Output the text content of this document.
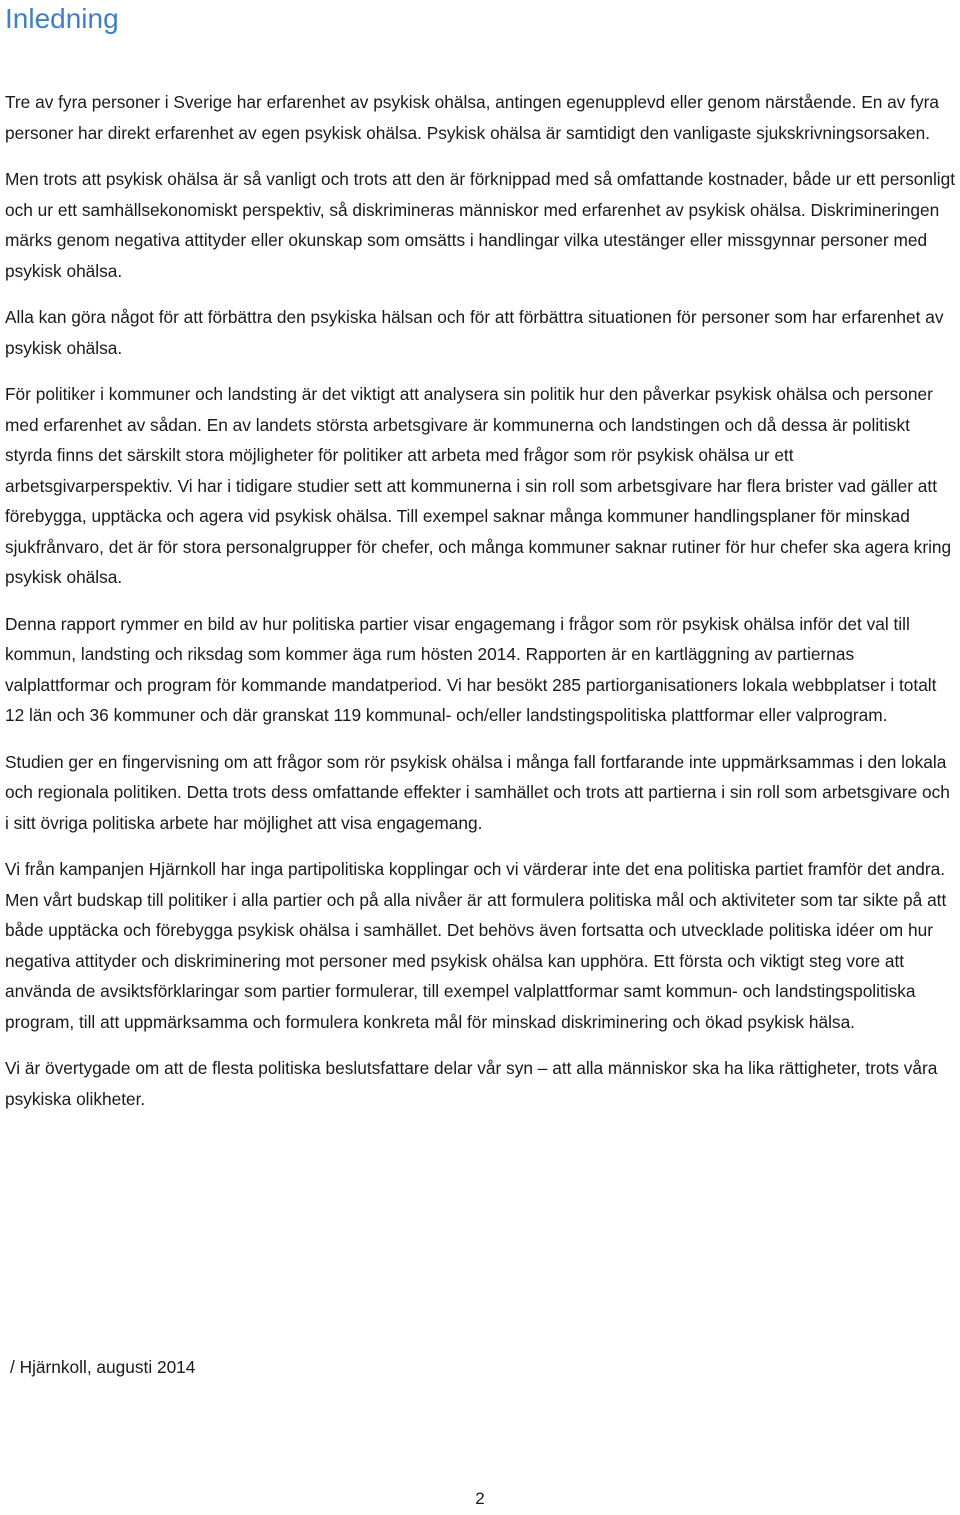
Inledning

Tre av fyra personer i Sverige har erfarenhet av psykisk ohälsa, antingen egenupplevd eller genom närstående. En av fyra personer har direkt erfarenhet av egen psykisk ohälsa. Psykisk ohälsa är samtidigt den vanligaste sjukskrivningsorsaken.

Men trots att psykisk ohälsa är så vanligt och trots att den är förknippad med så omfattande kostnader, både ur ett personligt och ur ett samhällsekonomiskt perspektiv, så diskrimineras människor med erfarenhet av psykisk ohälsa. Diskrimineringen märks genom negativa attityder eller okunskap som omsätts i handlingar vilka utestänger eller missgynnar personer med psykisk ohälsa.

Alla kan göra något för att förbättra den psykiska hälsan och för att förbättra situationen för personer som har erfarenhet av psykisk ohälsa.

För politiker i kommuner och landsting är det viktigt att analysera sin politik hur den påverkar psykisk ohälsa och personer med erfarenhet av sådan. En av landets största arbetsgivare är kommunerna och landstingen och då dessa är politiskt styrda finns det särskilt stora möjligheter för politiker att arbeta med frågor som rör psykisk ohälsa ur ett arbetsgivarperspektiv. Vi har i tidigare studier sett att kommunerna i sin roll som arbetsgivare har flera brister vad gäller att förebygga, upptäcka och agera vid psykisk ohälsa. Till exempel saknar många kommuner handlingsplaner för minskad sjukfrånvaro, det är för stora personalgrupper för chefer, och många kommuner saknar rutiner för hur chefer ska agera kring psykisk ohälsa.

Denna rapport rymmer en bild av hur politiska partier visar engagemang i frågor som rör psykisk ohälsa inför det val till kommun, landsting och riksdag som kommer äga rum hösten 2014. Rapporten är en kartläggning av partiernas valplattformar och program för kommande mandatperiod. Vi har besökt 285 partiorganisationers lokala webbplatser i totalt 12 län och 36 kommuner och där granskat 119 kommunal- och/eller landstingspolitiska plattformar eller valprogram.

Studien ger en fingervisning om att frågor som rör psykisk ohälsa i många fall fortfarande inte uppmärksammas i den lokala och regionala politiken. Detta trots dess omfattande effekter i samhället och trots att partierna i sin roll som arbetsgivare och i sitt övriga politiska arbete har möjlighet att visa engagemang.

Vi från kampanjen Hjärnkoll har inga partipolitiska kopplingar och vi värderar inte det ena politiska partiet framför det andra. Men vårt budskap till politiker i alla partier och på alla nivåer är att formulera politiska mål och aktiviteter som tar sikte på att både upptäcka och förebygga psykisk ohälsa i samhället. Det behövs även fortsatta och utvecklade politiska idéer om hur negativa attityder och diskriminering mot personer med psykisk ohälsa kan upphöra. Ett första och viktigt steg vore att använda de avsiktsförklaringar som partier formulerar, till exempel valplattformar samt kommun- och landstingspolitiska program, till att uppmärksamma och formulera konkreta mål för minskad diskriminering och ökad psykisk hälsa.

Vi är övertygade om att de flesta politiska beslutsfattare delar vår syn – att alla människor ska ha lika rättigheter, trots våra psykiska olikheter.

/ Hjärnkoll, augusti 2014

2
